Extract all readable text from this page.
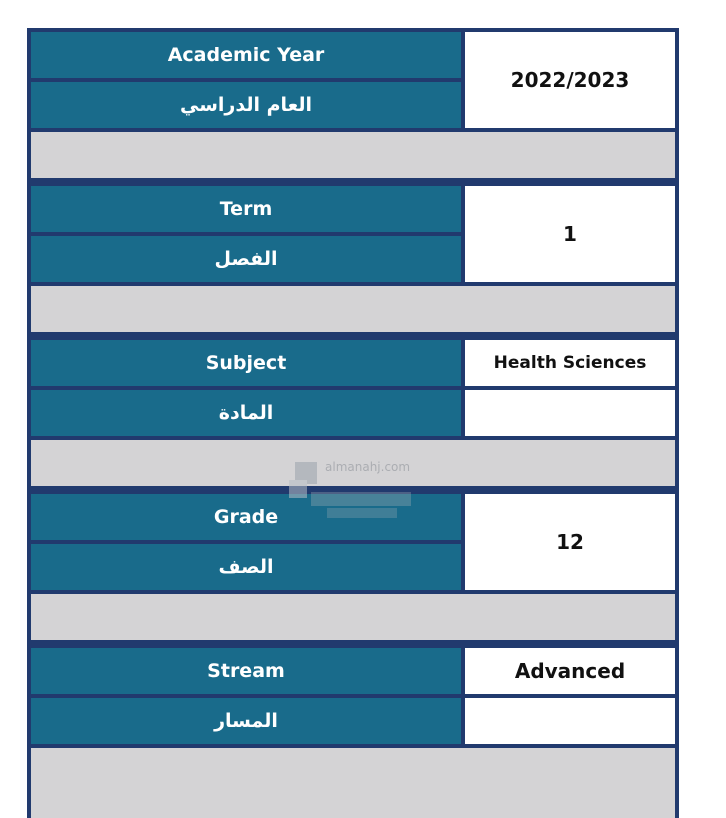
Academic Year
العام الدراسي
2022/2023
Term
الفصل
1
Subject
المادة
Health Sciences
Grade
الصف
12
Stream
المسار
Advanced
almanahj.com
